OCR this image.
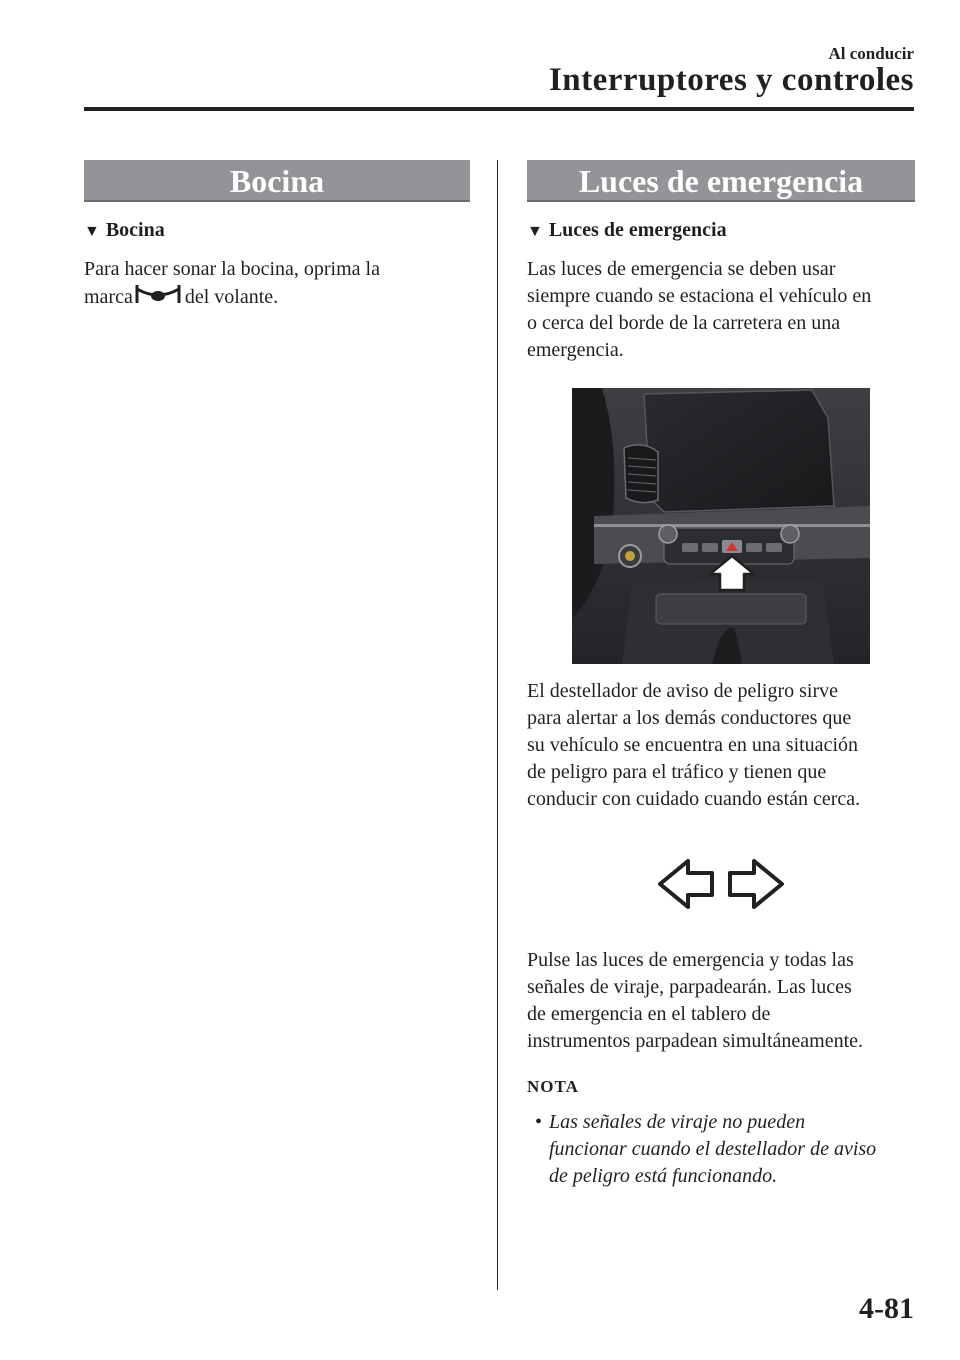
Al conducir
Interruptores y controles
Bocina
▼ Bocina

Para hacer sonar la bocina, oprima la
marca	del volante.

Luces de emergencia
▼ Luces de emergencia

Las luces de emergencia se deben usar
siempre cuando se estaciona el vehículo en
o cerca del borde de la carretera en una
emergencia.

El destellador de aviso de peligro sirve
para alertar a los demás conductores que
su vehículo se encuentra en una situación
de peligro para el tráfico y tienen que
conducir con cuidado cuando están cerca.

Pulse las luces de emergencia y todas las
señales de viraje, parpadearán. Las luces
de emergencia en el tablero de
instrumentos parpadean simultáneamente.

NOTA
• Las señales de viraje no pueden
funcionar cuando el destellador de aviso
de peligro está funcionando.
4-81
